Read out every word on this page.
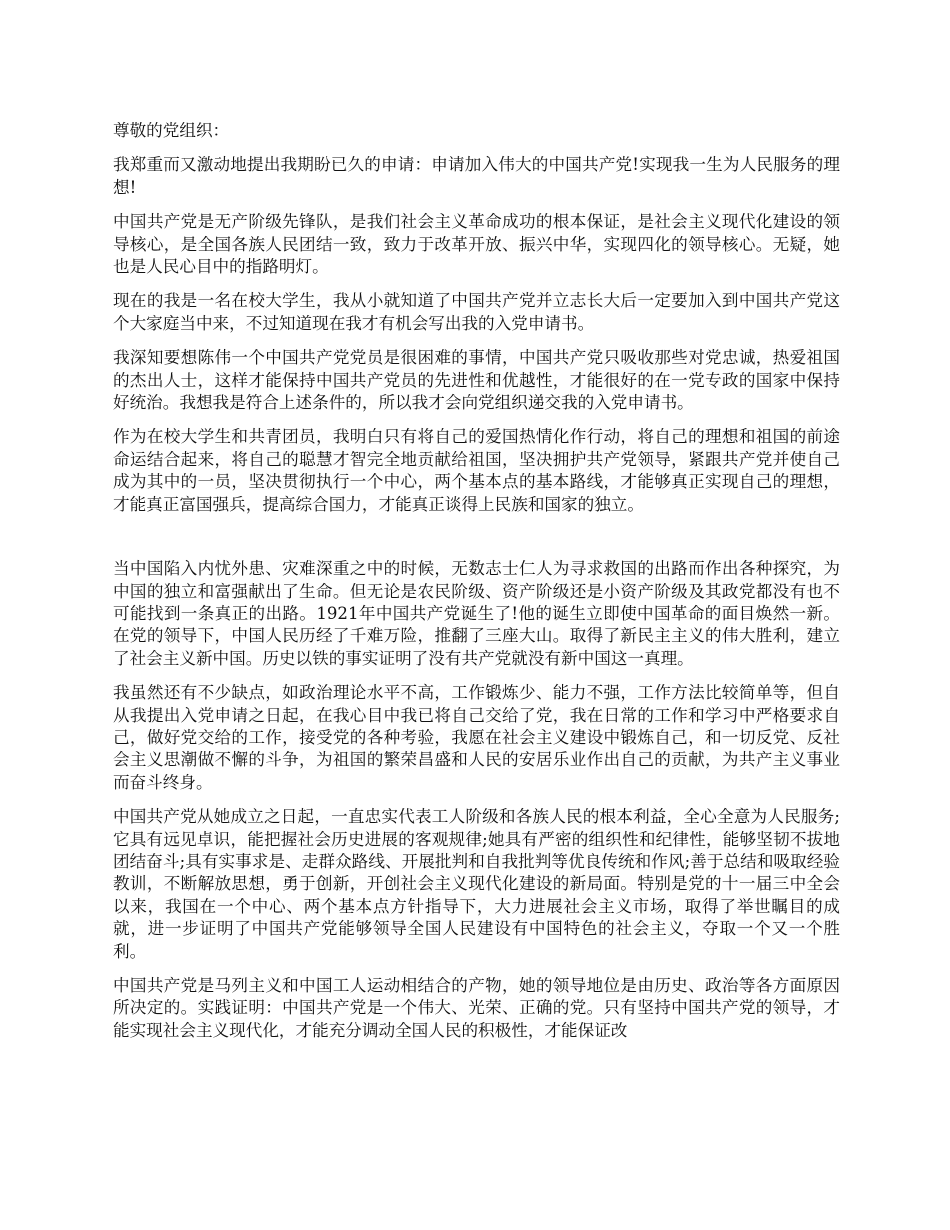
尊敬的党组织：

我郑重而又激动地提出我期盼已久的申请：申请加入伟大的中国共产党!实现我一生为人民服务的理想!

中国共产党是无产阶级先锋队，是我们社会主义革命成功的根本保证，是社会主义现代化建设的领导核心，是全国各族人民团结一致，致力于改革开放、振兴中华，实现四化的领导核心。无疑，她也是人民心目中的指路明灯。

现在的我是一名在校大学生，我从小就知道了中国共产党并立志长大后一定要加入到中国共产党这个大家庭当中来，不过知道现在我才有机会写出我的入党申请书。

我深知要想陈伟一个中国共产党党员是很困难的事情，中国共产党只吸收那些对党忠诚，热爱祖国的杰出人士，这样才能保持中国共产党员的先进性和优越性，才能很好的在一党专政的国家中保持好统治。我想我是符合上述条件的，所以我才会向党组织递交我的入党申请书。

作为在校大学生和共青团员，我明白只有将自己的爱国热情化作行动，将自己的理想和祖国的前途命运结合起来，将自己的聪慧才智完全地贡献给祖国，坚决拥护共产党领导，紧跟共产党并使自己成为其中的一员，坚决贯彻执行一个中心，两个基本点的基本路线，才能够真正实现自己的理想，才能真正富国强兵，提高综合国力，才能真正谈得上民族和国家的独立。

当中国陷入内忧外患、灾难深重之中的时候，无数志士仁人为寻求救国的出路而作出各种探究，为中国的独立和富强献出了生命。但无论是农民阶级、资产阶级还是小资产阶级及其政党都没有也不可能找到一条真正的出路。1921年中国共产党诞生了!他的诞生立即使中国革命的面目焕然一新。在党的领导下，中国人民历经了千难万险，推翻了三座大山。取得了新民主主义的伟大胜利，建立了社会主义新中国。历史以铁的事实证明了没有共产党就没有新中国这一真理。

我虽然还有不少缺点，如政治理论水平不高，工作锻炼少、能力不强，工作方法比较简单等，但自从我提出入党申请之日起，在我心目中我已将自己交给了党，我在日常的工作和学习中严格要求自己，做好党交给的工作，接受党的各种考验，我愿在社会主义建设中锻炼自己，和一切反党、反社会主义思潮做不懈的斗争，为祖国的繁荣昌盛和人民的安居乐业作出自己的贡献，为共产主义事业而奋斗终身。

中国共产党从她成立之日起，一直忠实代表工人阶级和各族人民的根本利益，全心全意为人民服务;它具有远见卓识，能把握社会历史进展的客观规律;她具有严密的组织性和纪律性，能够坚韧不拔地团结奋斗;具有实事求是、走群众路线、开展批判和自我批判等优良传统和作风;善于总结和吸取经验教训，不断解放思想，勇于创新，开创社会主义现代化建设的新局面。特别是党的十一届三中全会以来，我国在一个中心、两个基本点方针指导下，大力进展社会主义市场，取得了举世瞩目的成就，进一步证明了中国共产党能够领导全国人民建设有中国特色的社会主义，夺取一个又一个胜利。

中国共产党是马列主义和中国工人运动相结合的产物，她的领导地位是由历史、政治等各方面原因所决定的。实践证明：中国共产党是一个伟大、光荣、正确的党。只有坚持中国共产党的领导，才能实现社会主义现代化，才能充分调动全国人民的积极性，才能保证改
